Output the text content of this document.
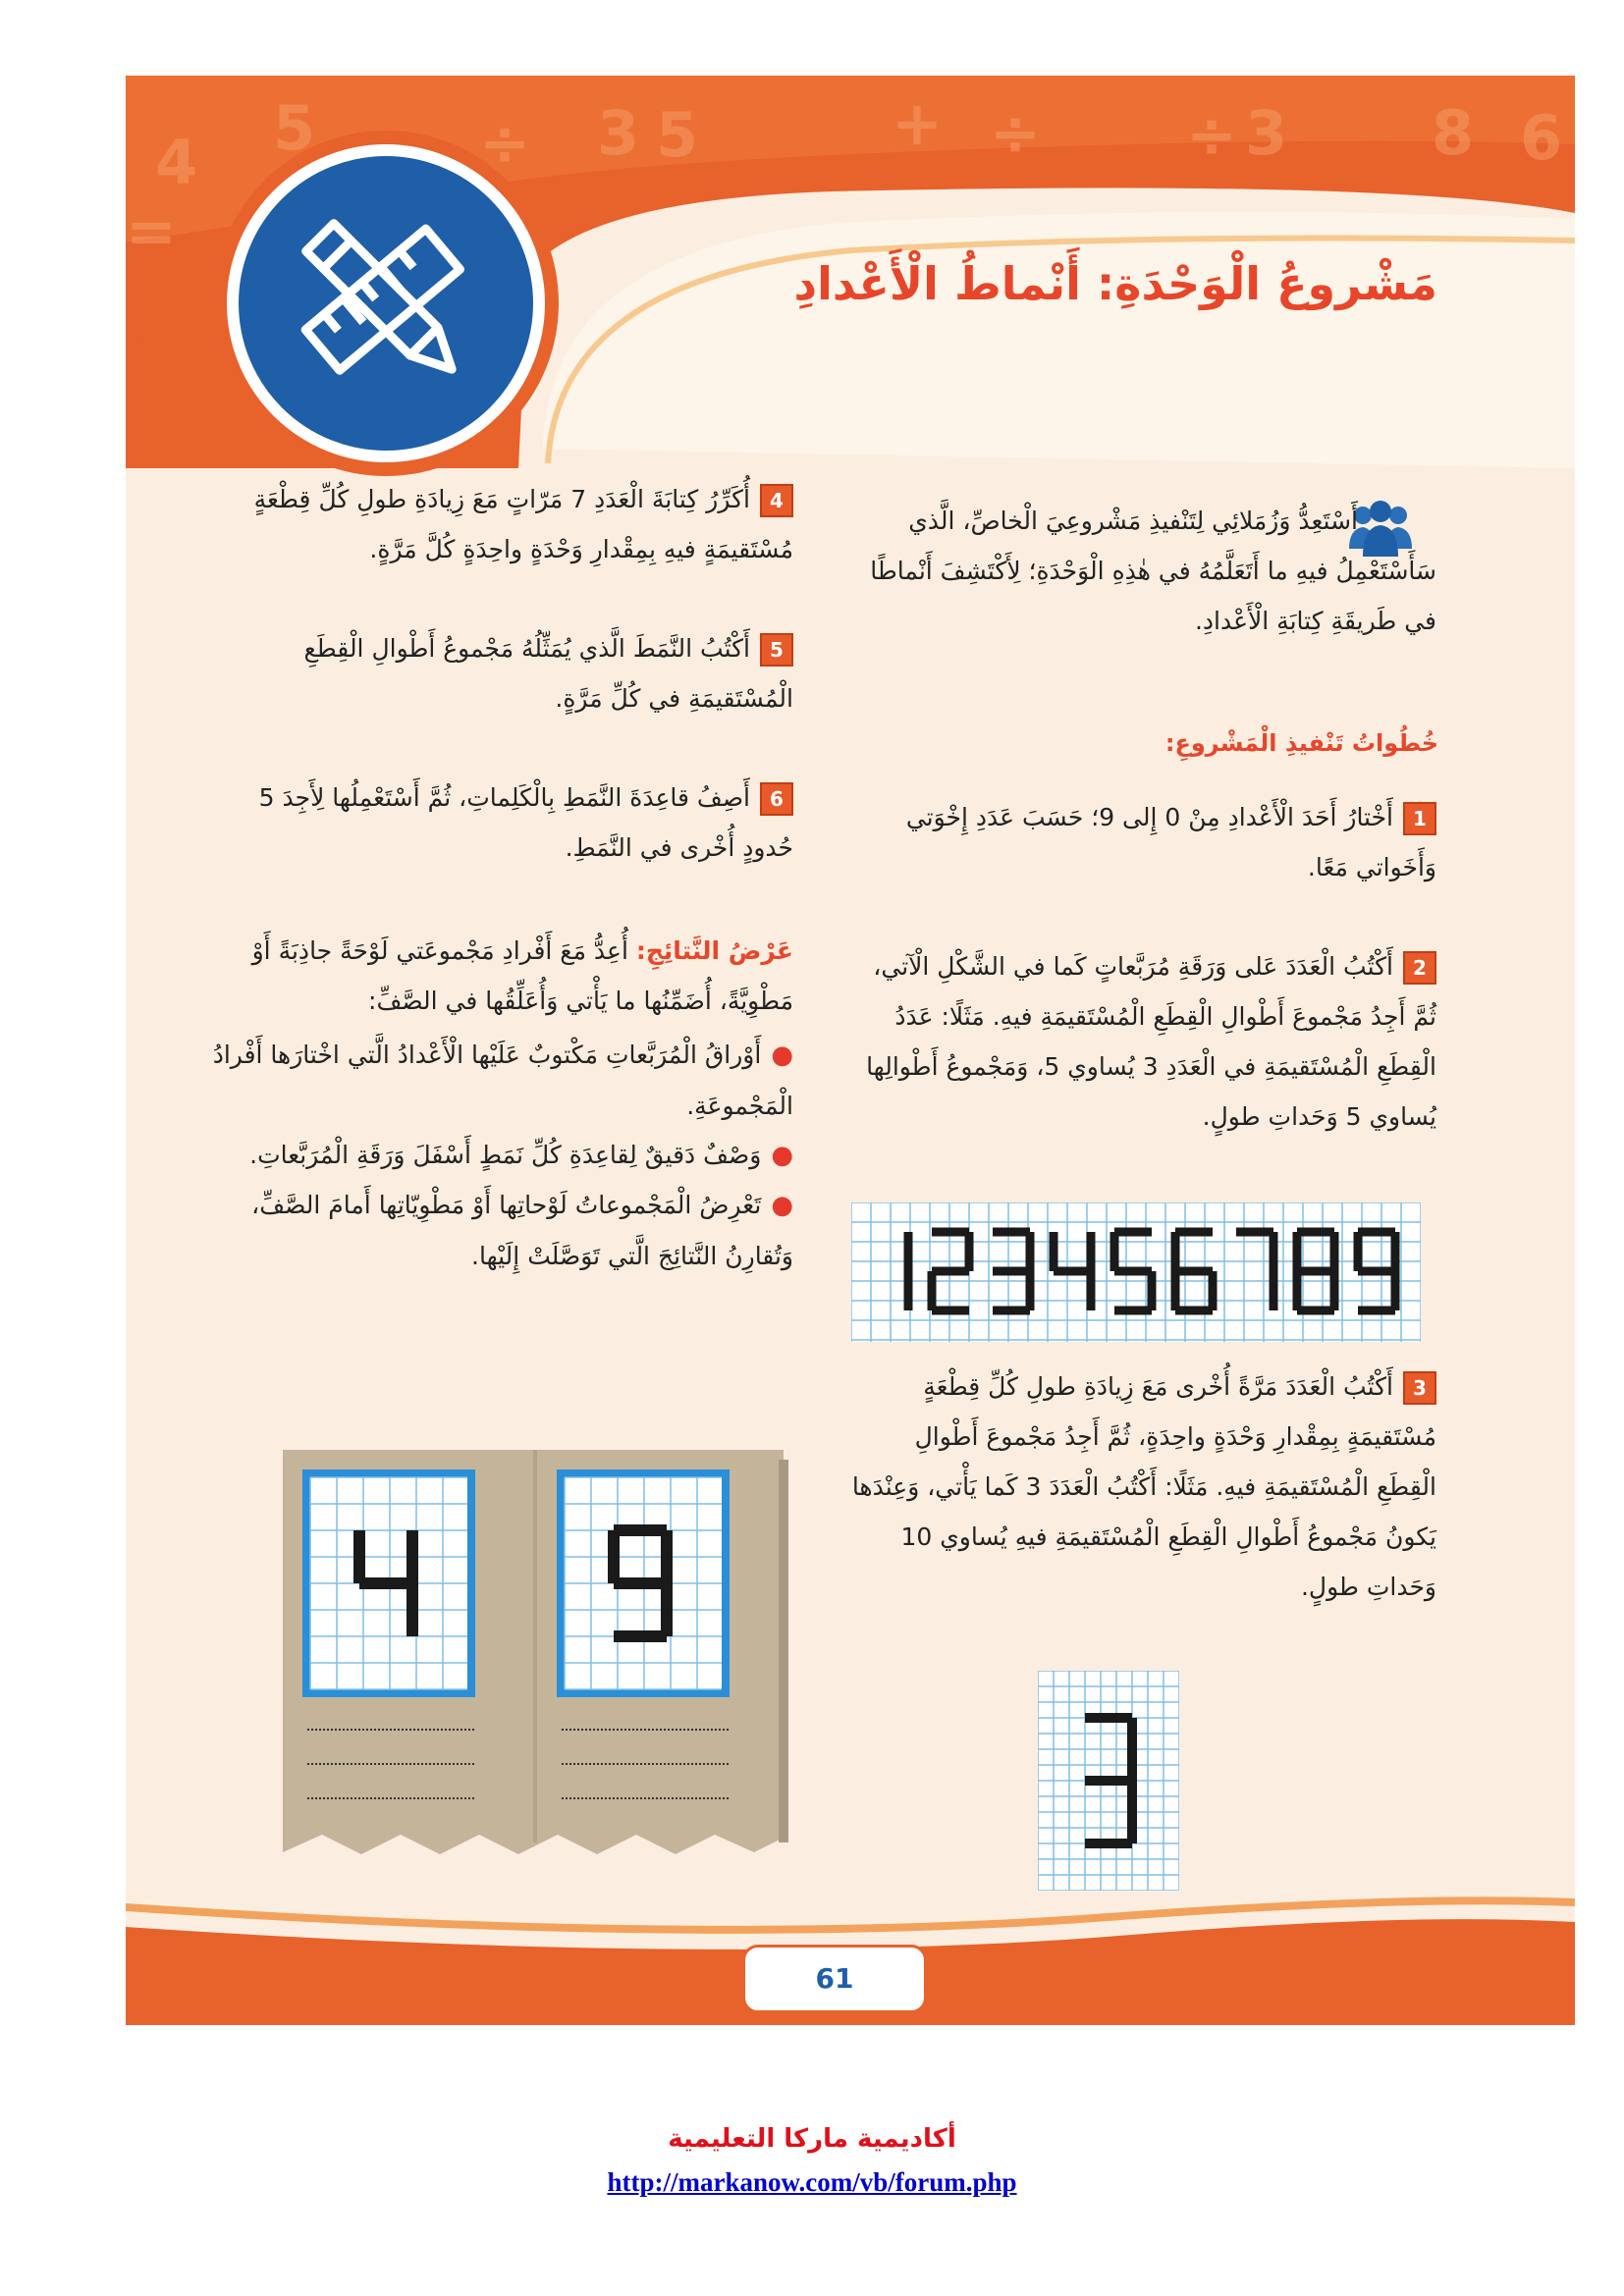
4 5	÷ 3 5	+ ÷ ÷ 3 8 6
=
مَشْروعُ الْوَحْدَةِ: أَنْماطُ الْأَعْدادِ
أَسْتَعِدُّ وَزُمَلائِي لِتَنْفيذِ مَشْروعِيَ الْخاصِّ، الَّذي سَأَسْتَعْمِلُ فيهِ ما أَتَعَلَّمُهُ في هٰذِهِ الْوَحْدَةِ؛ لِأَكْتَشِفَ أَنْماطًا في طَريقَةِ كِتابَةِ الْأَعْدادِ.
خُطُواتُ تَنْفيذِ الْمَشْروعِ:
1أَخْتارُ أَحَدَ الْأَعْدادِ مِنْ 0 إِلى 9؛ حَسَبَ عَدَدِ إِخْوَتي وَأَخَواتي مَعًا.
2أَكْتُبُ الْعَدَدَ عَلى وَرَقَةِ مُرَبَّعاتٍ كَما في الشَّكْلِ الْآتي، ثُمَّ أَجِدُ مَجْموعَ أَطْوالِ الْقِطَعِ الْمُسْتَقيمَةِ فيهِ. مَثَلًا: عَدَدُ الْقِطَعِ الْمُسْتَقيمَةِ في الْعَدَدِ 3 يُساوي 5، وَمَجْموعُ أَطْوالِها يُساوي 5 وَحَداتِ طولٍ.
3أَكْتُبُ الْعَدَدَ مَرَّةً أُخْرى مَعَ زِيادَةِ طولِ كُلِّ قِطْعَةٍ مُسْتَقيمَةٍ بِمِقْدارِ وَحْدَةٍ واحِدَةٍ، ثُمَّ أَجِدُ مَجْموعَ أَطْوالِ الْقِطَعِ الْمُسْتَقيمَةِ فيهِ. مَثَلًا: أَكْتُبُ الْعَدَدَ 3 كَما يَأْتي، وَعِنْدَها يَكونُ مَجْموعُ أَطْوالِ الْقِطَعِ الْمُسْتَقيمَةِ فيهِ يُساوي 10 وَحَداتِ طولٍ.
4أُكَرِّرُ كِتابَةَ الْعَدَدِ 7 مَرّاتٍ مَعَ زِيادَةِ طولِ كُلِّ قِطْعَةٍ مُسْتَقيمَةٍ فيهِ بِمِقْدارِ وَحْدَةٍ واحِدَةٍ كُلَّ مَرَّةٍ.
5أَكْتُبُ النَّمَطَ الَّذي يُمَثِّلُهُ مَجْموعُ أَطْوالِ الْقِطَعِ الْمُسْتَقيمَةِ في كُلِّ مَرَّةٍ.
6أَصِفُ قاعِدَةَ النَّمَطِ بِالْكَلِماتِ، ثُمَّ أَسْتَعْمِلُها لِأَجِدَ 5 حُدودٍ أُخْرى في النَّمَطِ.
عَرْضُ النَّتائِجِ: أُعِدُّ مَعَ أَفْرادِ مَجْموعَتي لَوْحَةً جاذِبَةً أَوْ مَطْوِيَّةً، أُضَمِّنُها ما يَأْتي وَأُعَلِّقُها في الصَّفِّ:
●أَوْراقُ الْمُرَبَّعاتِ مَكْتوبٌ عَلَيْها الْأَعْدادُ الَّتي اخْتارَها أَفْرادُ الْمَجْموعَةِ.
●وَصْفٌ دَقيقٌ لِقاعِدَةِ كُلِّ نَمَطٍ أَسْفَلَ وَرَقَةِ الْمُرَبَّعاتِ.
●تَعْرِضُ الْمَجْموعاتُ لَوْحاتِها أَوْ مَطْوِيّاتِها أَمامَ الصَّفِّ، وَتُقارِنُ النَّتائِجَ الَّتي تَوَصَّلَتْ إِلَيْها.
61
أكاديمية ماركا التعليمية
http://markanow.com/vb/forum.php
